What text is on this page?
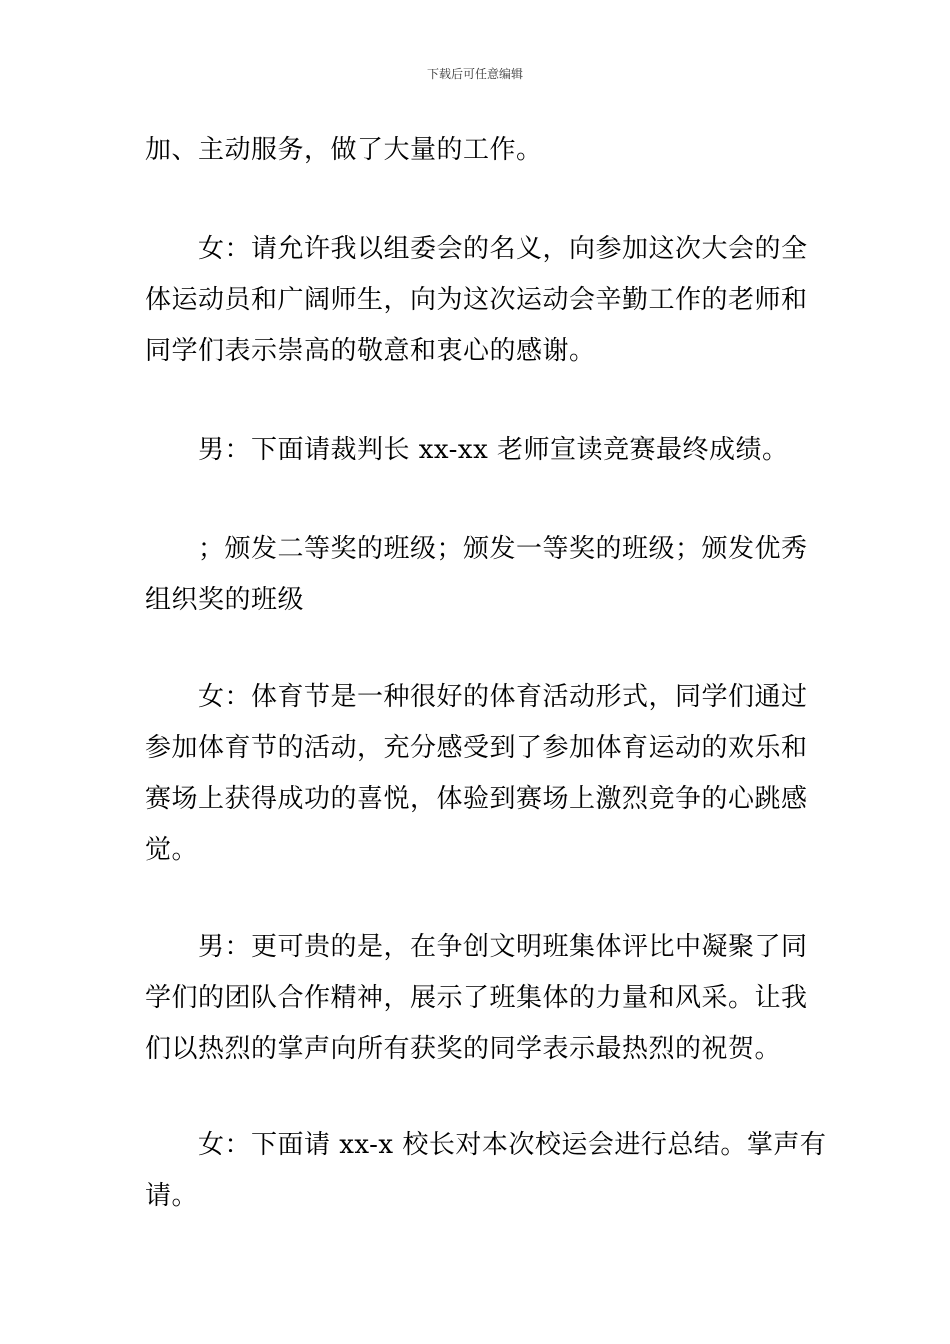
下载后可任意编辑
加、主动服务，做了大量的工作。
　　女：请允许我以组委会的名义，向参加这次大会的全
体运动员和广阔师生，向为这次运动会辛勤工作的老师和
同学们表示崇高的敬意和衷心的感谢。
　　男：下面请裁判长 xx-xx 老师宣读竞赛最终成绩。
　　；颁发二等奖的班级；颁发一等奖的班级；颁发优秀
组织奖的班级
　　女：体育节是一种很好的体育活动形式，同学们通过
参加体育节的活动，充分感受到了参加体育运动的欢乐和
赛场上获得成功的喜悦，体验到赛场上激烈竞争的心跳感
觉。
　　男：更可贵的是，在争创文明班集体评比中凝聚了同
学们的团队合作精神，展示了班集体的力量和风采。让我
们以热烈的掌声向所有获奖的同学表示最热烈的祝贺。
　　女：下面请 xx-x 校长对本次校运会进行总结。掌声有
请。
